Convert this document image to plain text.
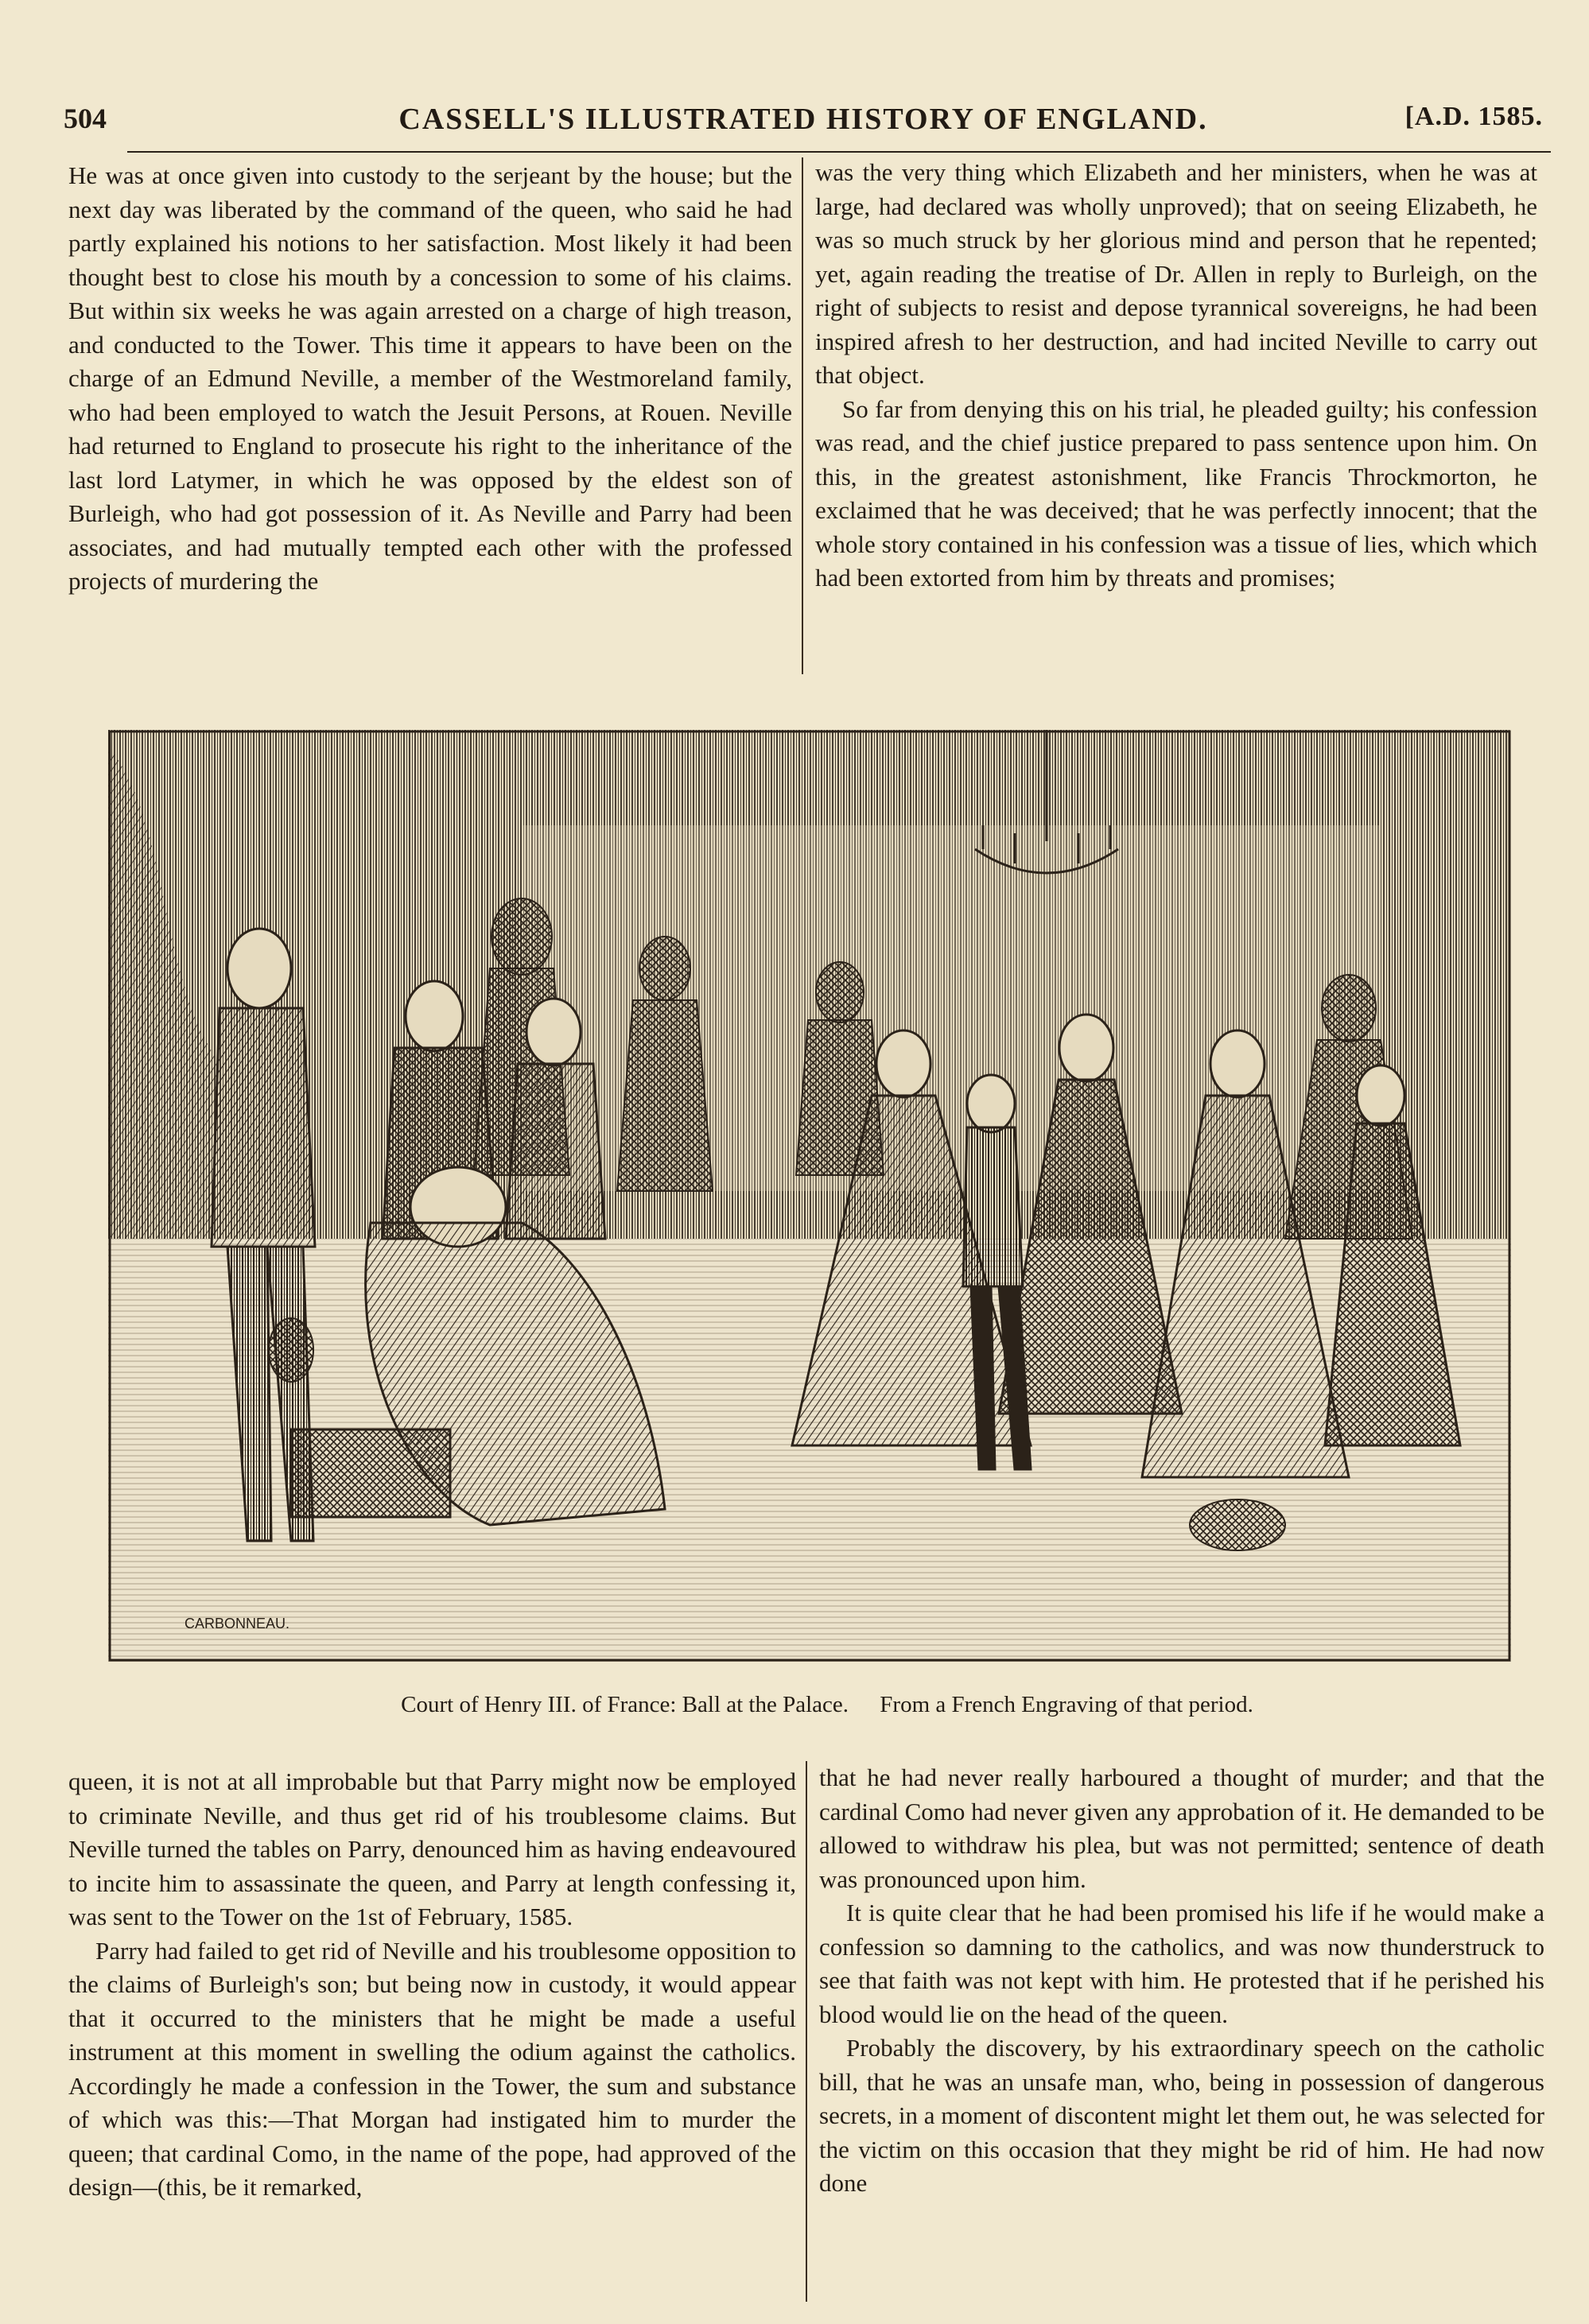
504	CASSELL'S ILLUSTRATED HISTORY OF ENGLAND.	[A.D. 1585.

He was at once given into custody to the serjeant by the house; but the next day was liberated by the command of the queen, who said he had partly explained his notions to her satisfaction. Most likely it had been thought best to close his mouth by a concession to some of his claims. But within six weeks he was again arrested on a charge of high treason, and conducted to the Tower. This time it appears to have been on the charge of an Edmund Neville, a member of the Westmoreland family, who had been employed to watch the Jesuit Persons, at Rouen. Neville had returned to England to prosecute his right to the inheritance of the last lord Latymer, in which he was opposed by the eldest son of Burleigh, who had got possession of it. As Neville and Parry had been associates, and had mutually tempted each other with the professed projects of murdering the

was the very thing which Elizabeth and her ministers, when he was at large, had declared was wholly unproved); that on seeing Elizabeth, he was so much struck by her glorious mind and person that he repented; yet, again reading the treatise of Dr. Allen in reply to Burleigh, on the right of subjects to resist and depose tyrannical sovereigns, he had been inspired afresh to her destruction, and had incited Neville to carry out that object.

So far from denying this on his trial, he pleaded guilty; his confession was read, and the chief justice prepared to pass sentence upon him. On this, in the greatest astonishment, like Francis Throckmorton, he exclaimed that he was deceived; that he was perfectly innocent; that the whole story contained in his confession was a tissue of lies, which which had been extorted from him by threats and promises;

CARBONNEAU.
Court of Henry III. of France: Ball at the Palace. From a French Engraving of that period.

queen, it is not at all improbable but that Parry might now be employed to criminate Neville, and thus get rid of his troublesome claims. But Neville turned the tables on Parry, denounced him as having endeavoured to incite him to assassinate the queen, and Parry at length confessing it, was sent to the Tower on the 1st of February, 1585.

Parry had failed to get rid of Neville and his troublesome opposition to the claims of Burleigh's son; but being now in custody, it would appear that it occurred to the ministers that he might be made a useful instrument at this moment in swelling the odium against the catholics. Accordingly he made a confession in the Tower, the sum and substance of which was this:—That Morgan had instigated him to murder the queen; that cardinal Como, in the name of the pope, had approved of the design—(this, be it remarked,

that he had never really harboured a thought of murder; and that the cardinal Como had never given any approbation of it. He demanded to be allowed to withdraw his plea, but was not permitted; sentence of death was pronounced upon him.

It is quite clear that he had been promised his life if he would make a confession so damning to the catholics, and was now thunderstruck to see that faith was not kept with him. He protested that if he perished his blood would lie on the head of the queen.

Probably the discovery, by his extraordinary speech on the catholic bill, that he was an unsafe man, who, being in possession of dangerous secrets, in a moment of discontent might let them out, he was selected for the victim on this occasion that they might be rid of him. He had now done
